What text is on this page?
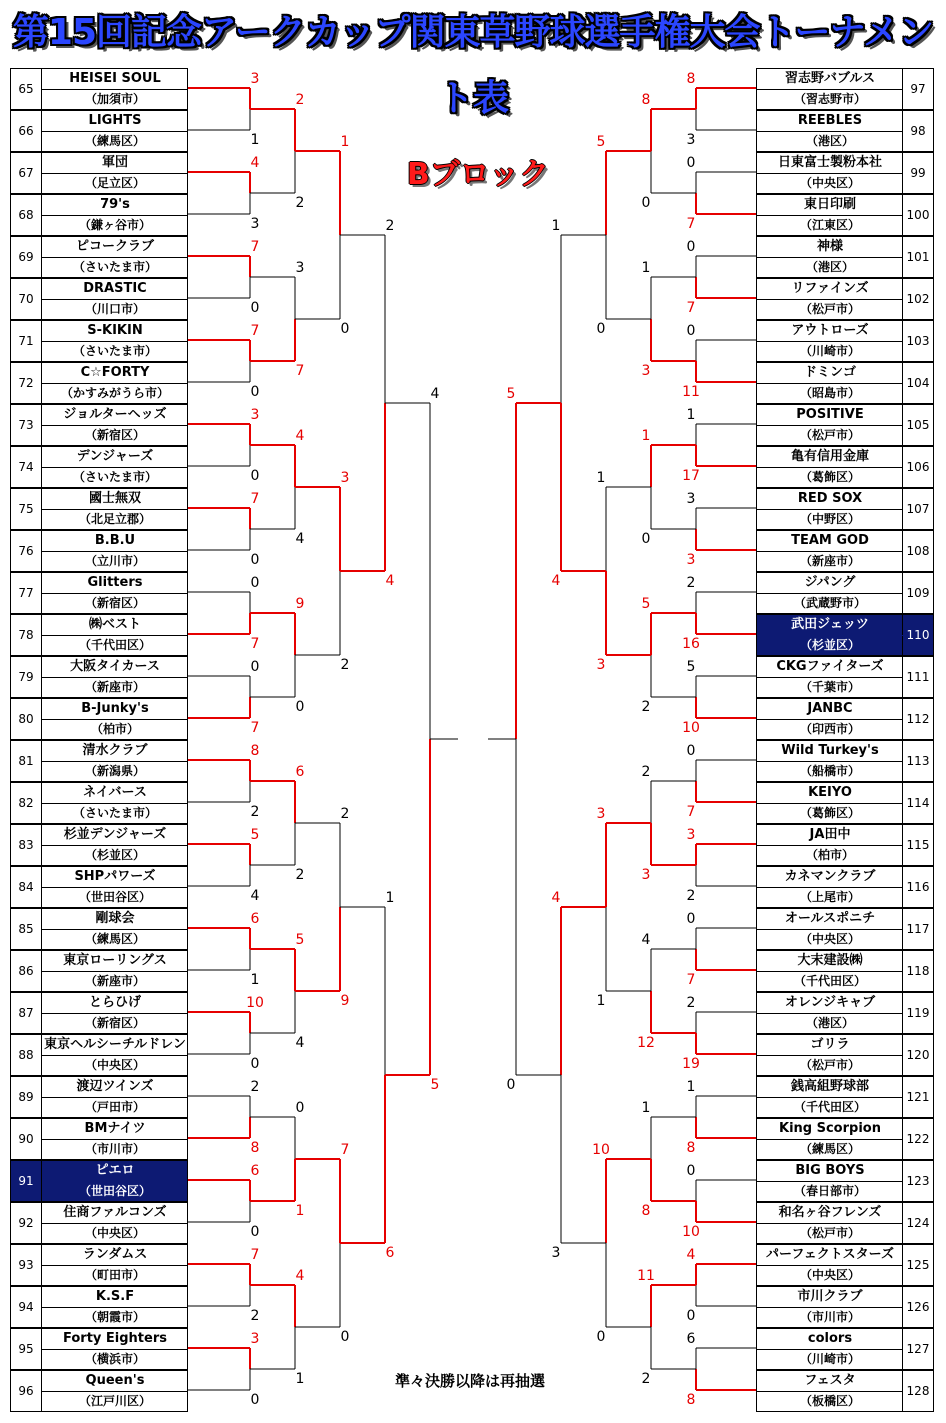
第15回記念アークカップ関東草野球選手権大会トーナメント表
Bブロック
準々決勝以降は再抽選
65
HEISEI SOUL
（加須市）
66
LIGHTS
（練馬区）
67
軍団
（足立区）
68
79's
（鎌ヶ谷市）
69
ピコークラブ
（さいたま市）
70
DRASTIC
（川口市）
71
S-KIKIN
（さいたま市）
72
C☆FORTY
（かすみがうら市）
73
ジョルターヘッズ
（新宿区）
74
デンジャーズ
（さいたま市）
75
國士無双
（北足立郡）
76
B.B.U
（立川市）
77
Glitters
（新宿区）
78
㈱ベスト
（千代田区）
79
大阪タイカース
（新座市）
80
B-Junky's
（柏市）
81
清水クラブ
（新潟県）
82
ネイバース
（さいたま市）
83
杉並デンジャーズ
（杉並区）
84
SHPパワーズ
（世田谷区）
85
剛球会
（練馬区）
86
東京ローリングス
（新座市）
87
とらひげ
（新宿区）
88
東京ヘルシーチルドレン
（中央区）
89
渡辺ツインズ
（戸田市）
90
BMナイツ
（市川市）
91
ピエロ
（世田谷区）
92
住商ファルコンズ
（中央区）
93
ランダムス
（町田市）
94
K.S.F
（朝霞市）
95
Forty Eighters
（横浜市）
96
Queen's
（江戸川区）
97
習志野バブルス
（習志野市）
98
REEBLES
（港区）
99
日東富士製粉本社
（中央区）
100
東日印刷
（江東区）
101
神様
（港区）
102
リファインズ
（松戸市）
103
アウトローズ
（川崎市）
104
ドミンゴ
（昭島市）
105
POSITIVE
（松戸市）
106
亀有信用金庫
（葛飾区）
107
RED SOX
（中野区）
108
TEAM GOD
（新座市）
109
ジパング
（武蔵野市）
110
武田ジェッツ
（杉並区）
111
CKGファイターズ
（千葉市）
112
JANBC
（印西市）
113
Wild Turkey's
（船橋市）
114
KEIYO
（葛飾区）
115
JA田中
（柏市）
116
カネマンクラブ
（上尾市）
117
オールスポニチ
（中央区）
118
大末建設㈱
（千代田区）
119
オレンジキャブ
（港区）
120
ゴリラ
（松戸市）
121
銭高組野球部
（千代田区）
122
King Scorpion
（練馬区）
123
BIG BOYS
（春日部市）
124
和名ヶ谷フレンズ
（松戸市）
125
パーフェクトスターズ
（中央区）
126
市川クラブ
（市川市）
127
colors
（川崎市）
128
フェスタ
（板橋区）
3
1
4
3
7
0
7
0
3
0
7
0
0
7
0
7
8
2
5
4
6
1
10
0
2
8
6
0
7
2
3
0
2
2
3
7
4
4
9
0
6
2
5
4
0
1
4
1
1
0
3
2
2
9
7
0
2
4
1
6
4
5
8
3
0
7
0
7
0
11
1
17
3
3
2
16
5
10
0
7
3
2
0
7
2
19
1
8
0
10
4
0
6
8
8
0
1
3
1
0
5
2
2
3
4
12
1
8
11
2
5
0
1
3
3
1
10
0
1
4
4
3
5
0
